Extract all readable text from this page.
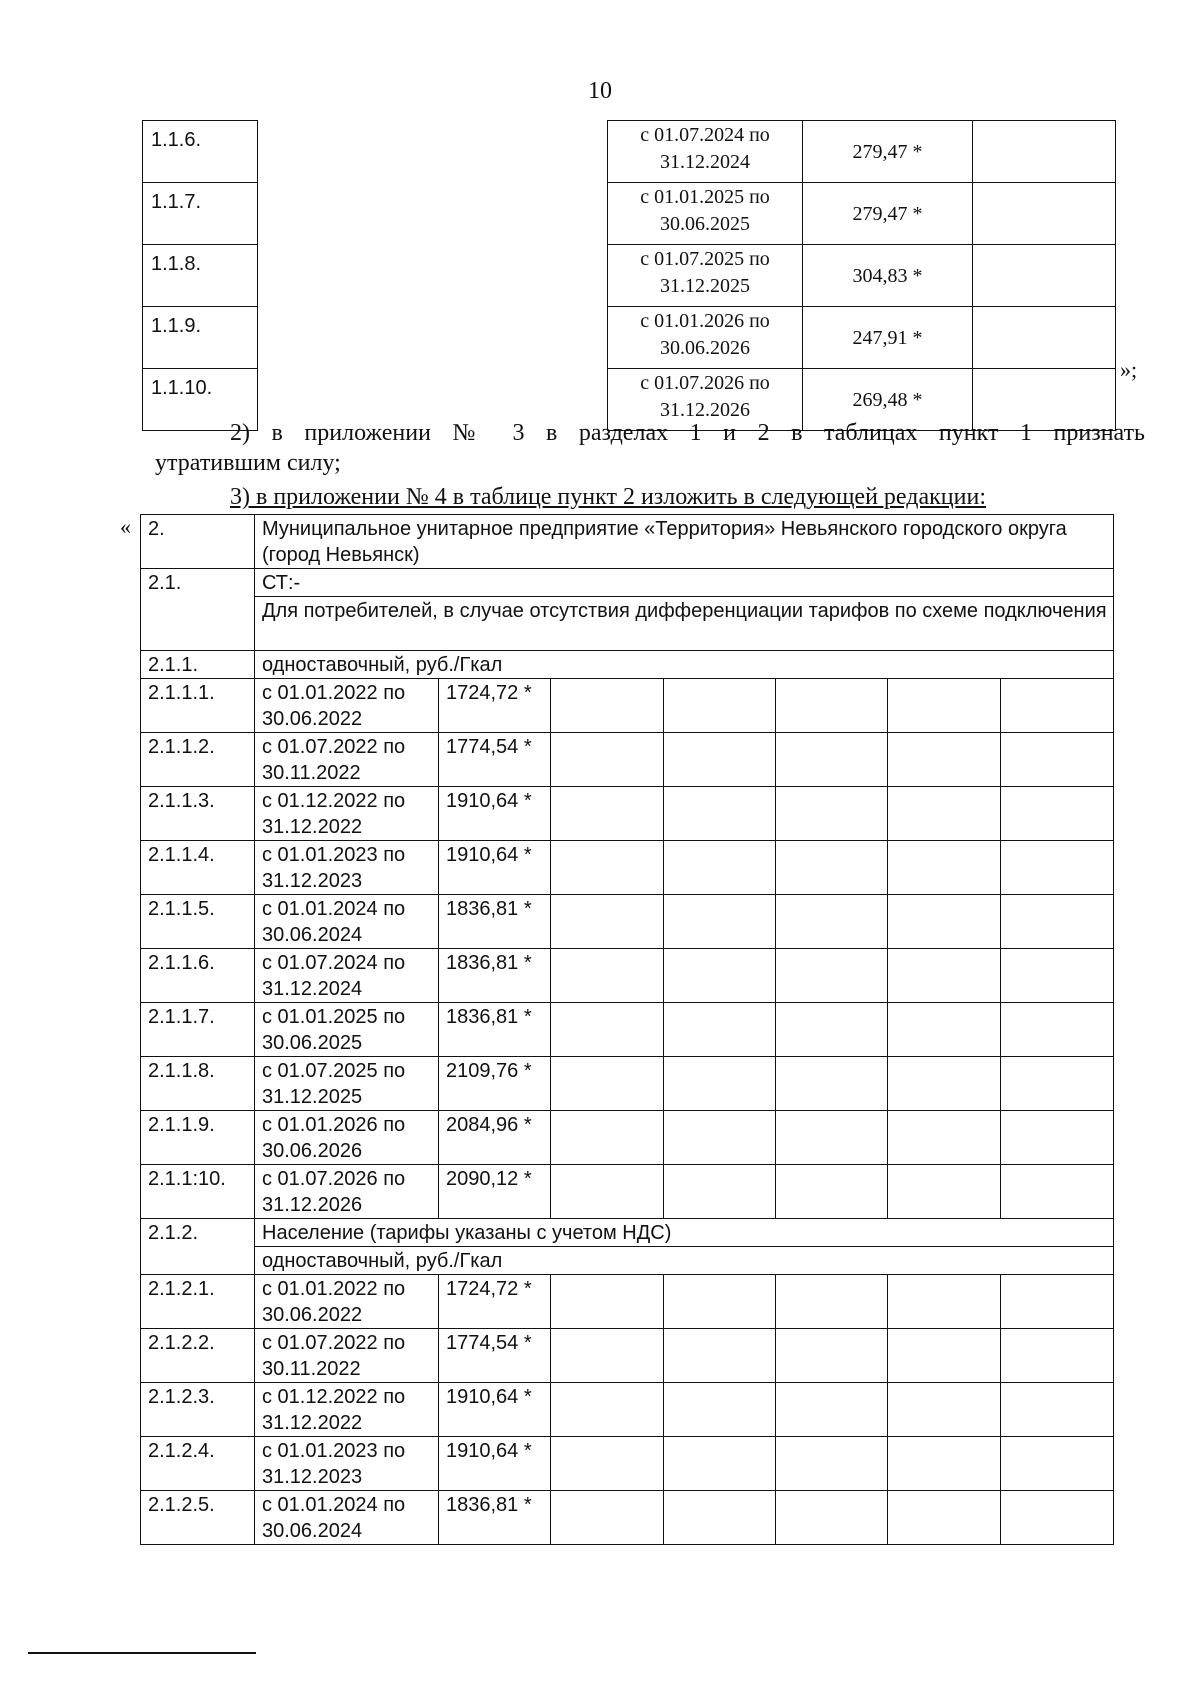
10
1.1.6.		с 01.07.2024 по 31.12.2024	279,47 *	
1.1.7.		с 01.01.2025 по 30.06.2025	279,47 *	
1.1.8.		с 01.07.2025 по 31.12.2025	304,83 *	
1.1.9.		с 01.01.2026 по 30.06.2026	247,91 *	
1.1.10.		с 01.07.2026 по 31.12.2026	269,48 *	
»;
2) в приложении № 3 в разделах 1 и 2 в таблицах пункт 1 признать
утратившим силу;
3) в приложении № 4 в таблице пункт 2 изложить в следующей редакции:
« 2.	Муниципальное унитарное предприятие «Территория» Невьянского городского округа (город Невьянск)						
2.1.	СТ:-						
	Для потребителей, в случае отсутствия дифференциации тарифов по схеме подключения						
2.1.1.	одноставочный, руб./Гкал						
2.1.1.1.	с 01.01.2022 по 30.06.2022	1724,72 *					
2.1.1.2.	с 01.07.2022 по 30.11.2022	1774,54 *					
2.1.1.3.	с 01.12.2022 по 31.12.2022	1910,64 *					
2.1.1.4.	с 01.01.2023 по 31.12.2023	1910,64 *					
2.1.1.5.	с 01.01.2024 по 30.06.2024	1836,81 *					
2.1.1.6.	с 01.07.2024 по 31.12.2024	1836,81 *					
2.1.1.7.	с 01.01.2025 по 30.06.2025	1836,81 *					
2.1.1.8.	с 01.07.2025 по 31.12.2025	2109,76 *					
2.1.1.9.	с 01.01.2026 по 30.06.2026	2084,96 *					
2.1.1:10.	с 01.07.2026 по 31.12.2026	2090,12 *					
2.1.2.	Население (тарифы указаны с учетом НДС)						
	одноставочный, руб./Гкал						
2.1.2.1.	с 01.01.2022 по 30.06.2022	1724,72 *					
2.1.2.2.	с 01.07.2022 по 30.11.2022	1774,54 *					
2.1.2.3.	с 01.12.2022 по 31.12.2022	1910,64 *					
2.1.2.4.	с 01.01.2023 по 31.12.2023	1910,64 *					
2.1.2.5.	с 01.01.2024 по 30.06.2024	1836,81 *					
